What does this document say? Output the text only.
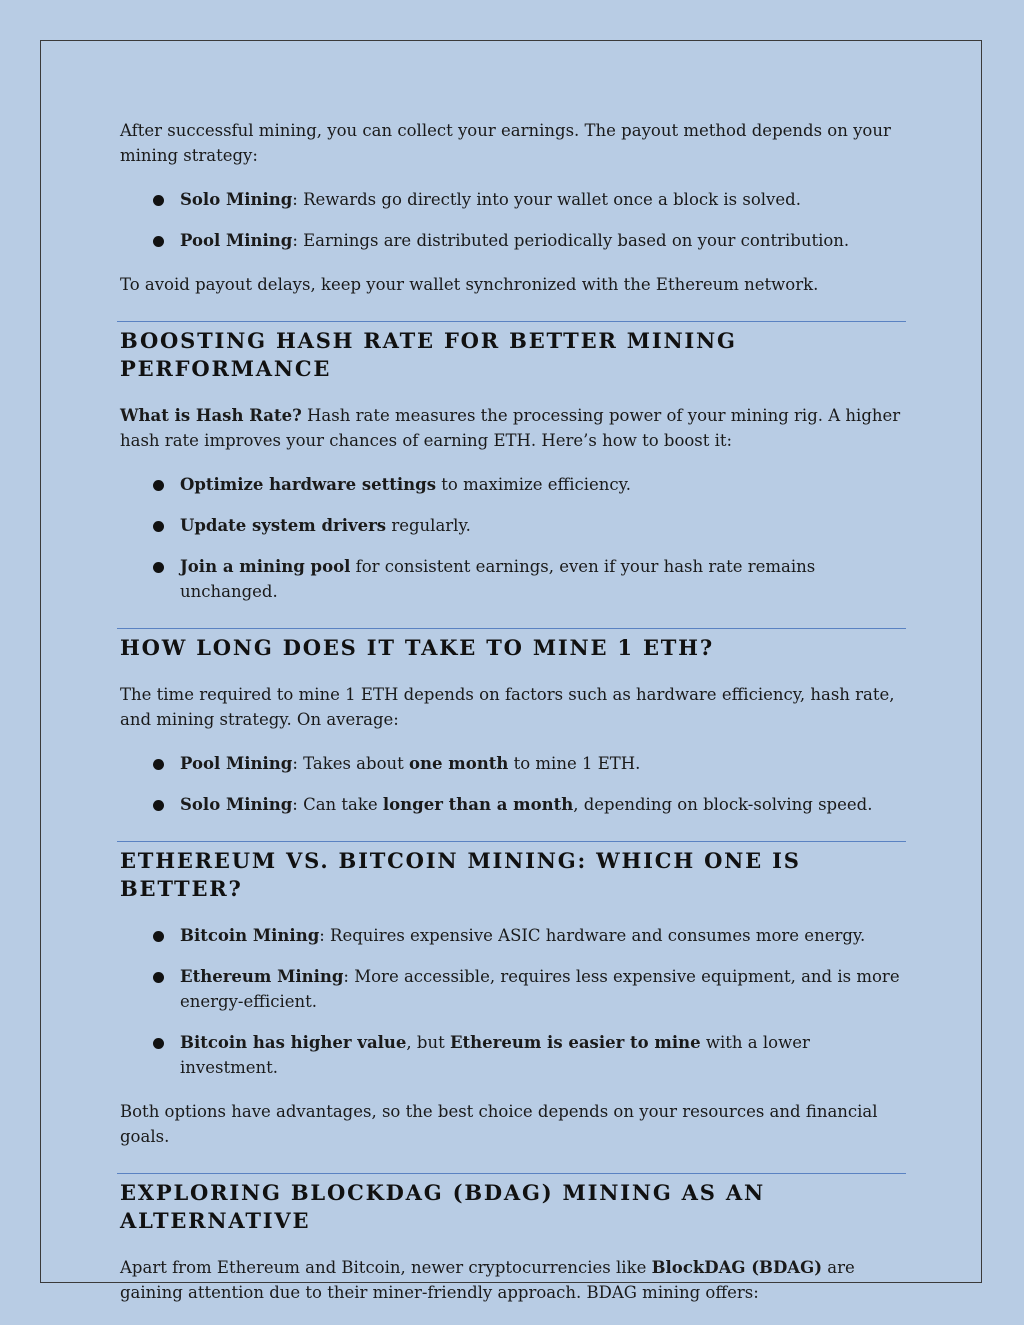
After successful mining, you can collect your earnings. The payout method depends on your mining strategy:

Solo Mining: Rewards go directly into your wallet once a block is solved.
Pool Mining: Earnings are distributed periodically based on your contribution.

To avoid payout delays, keep your wallet synchronized with the Ethereum network.

BOOSTING HASH RATE FOR BETTER MINING PERFORMANCE

What is Hash Rate? Hash rate measures the processing power of your mining rig. A higher hash rate improves your chances of earning ETH. Here’s how to boost it:

Optimize hardware settings to maximize efficiency.
Update system drivers regularly.
Join a mining pool for consistent earnings, even if your hash rate remains unchanged.
HOW LONG DOES IT TAKE TO MINE 1 ETH?

The time required to mine 1 ETH depends on factors such as hardware efficiency, hash rate, and mining strategy. On average:

Pool Mining: Takes about one month to mine 1 ETH.
Solo Mining: Can take longer than a month, depending on block-solving speed.
ETHEREUM VS. BITCOIN MINING: WHICH ONE IS BETTER?
Bitcoin Mining: Requires expensive ASIC hardware and consumes more energy.
Ethereum Mining: More accessible, requires less expensive equipment, and is more energy-efficient.
Bitcoin has higher value, but Ethereum is easier to mine with a lower investment.

Both options have advantages, so the best choice depends on your resources and financial goals.

EXPLORING BLOCKDAG (BDAG) MINING AS AN ALTERNATIVE

Apart from Ethereum and Bitcoin, newer cryptocurrencies like BlockDAG (BDAG) are gaining attention due to their miner-friendly approach. BDAG mining offers:
